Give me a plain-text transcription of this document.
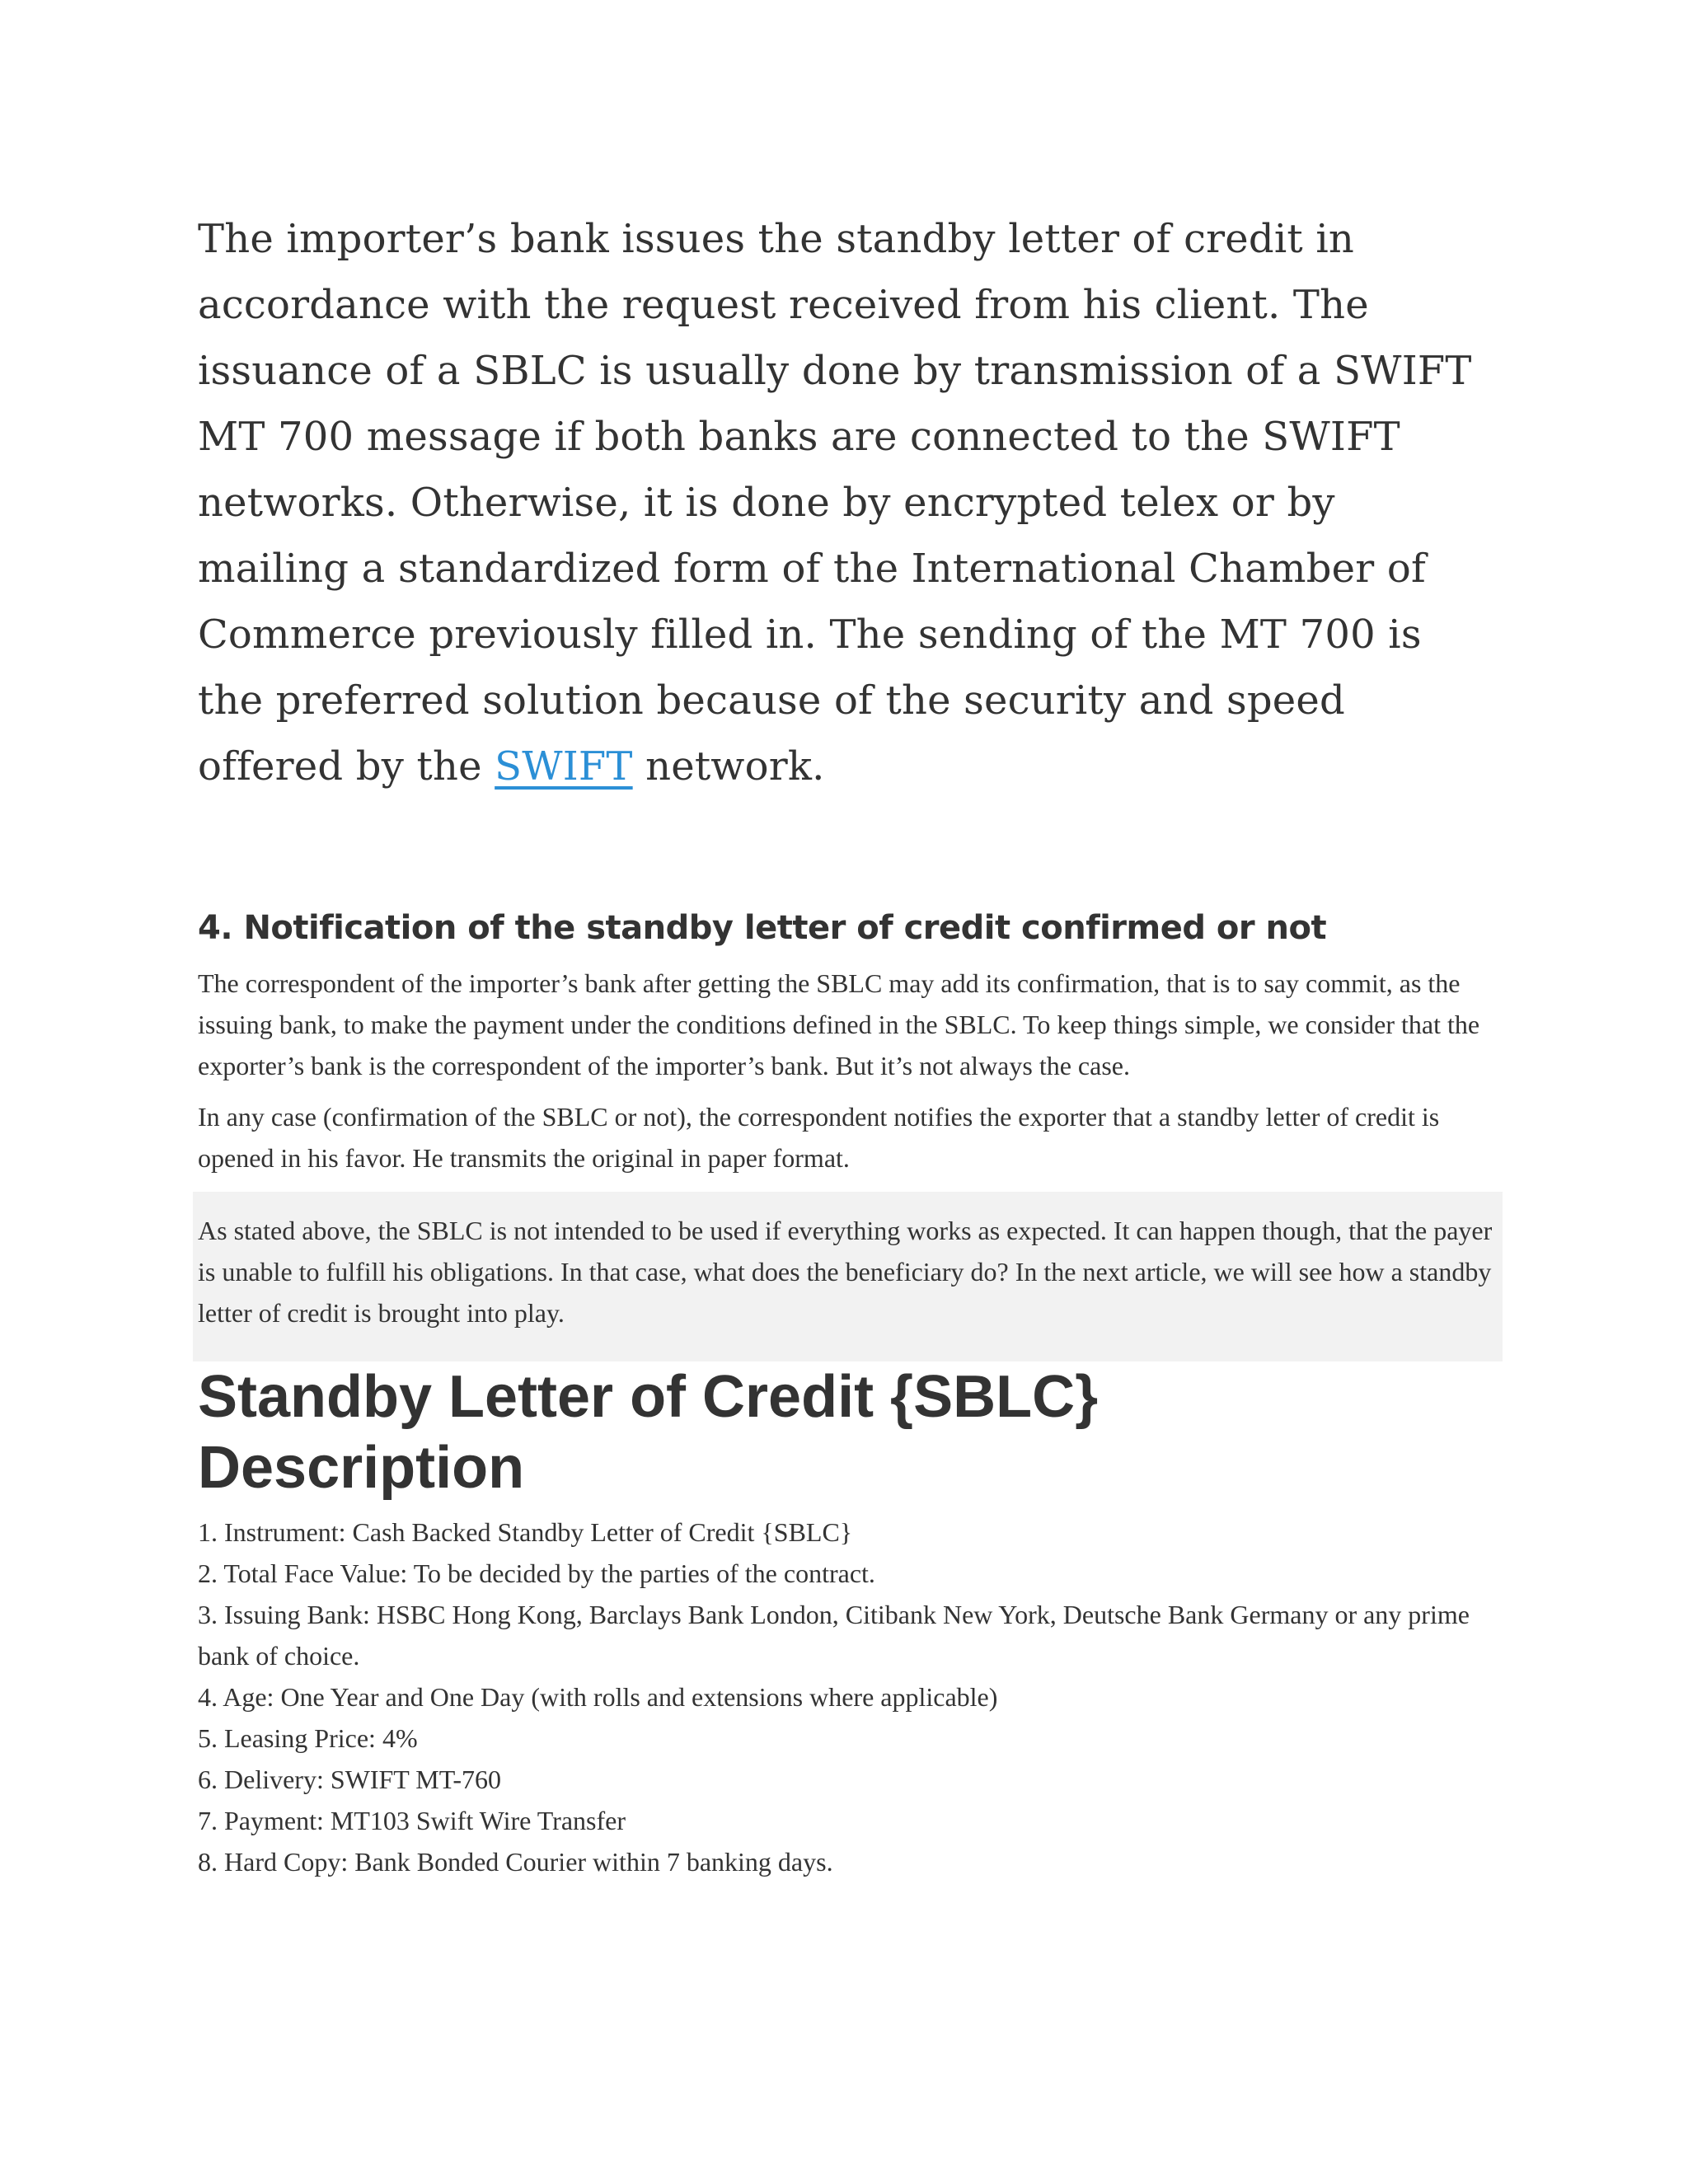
The importer’s bank issues the standby letter of credit in accordance with the request received from his client. The issuance of a SBLC is usually done by transmission of a SWIFT MT 700 message if both banks are connected to the SWIFT networks. Otherwise, it is done by encrypted telex or by mailing a standardized form of the International Chamber of Commerce previously filled in. The sending of the MT 700 is the preferred solution because of the security and speed offered by the SWIFT network.

4. Notification of the standby letter of credit confirmed or not

The correspondent of the importer’s bank after getting the SBLC may add its confirmation, that is to say commit, as the issuing bank, to make the payment under the conditions defined in the SBLC. To keep things simple, we consider that the exporter’s bank is the correspondent of the importer’s bank. But it’s not always the case.

In any case (confirmation of the SBLC or not), the correspondent notifies the exporter that a standby letter of credit is opened in his favor. He transmits the original in paper format.

As stated above, the SBLC is not intended to be used if everything works as expected. It can happen though, that the payer is unable to fulfill his obligations. In that case, what does the beneficiary do? In the next article, we will see how a standby letter of credit is brought into play.

Standby Letter of Credit {SBLC} Description
1. Instrument: Cash Backed Standby Letter of Credit {SBLC}
2. Total Face Value: To be decided by the parties of the contract.
3. Issuing Bank: HSBC Hong Kong, Barclays Bank London, Citibank New York, Deutsche Bank Germany or any prime bank of choice.
4. Age: One Year and One Day (with rolls and extensions where applicable)
5. Leasing Price: 4%
6. Delivery: SWIFT MT-760
7. Payment: MT103 Swift Wire Transfer
8. Hard Copy: Bank Bonded Courier within 7 banking days.
